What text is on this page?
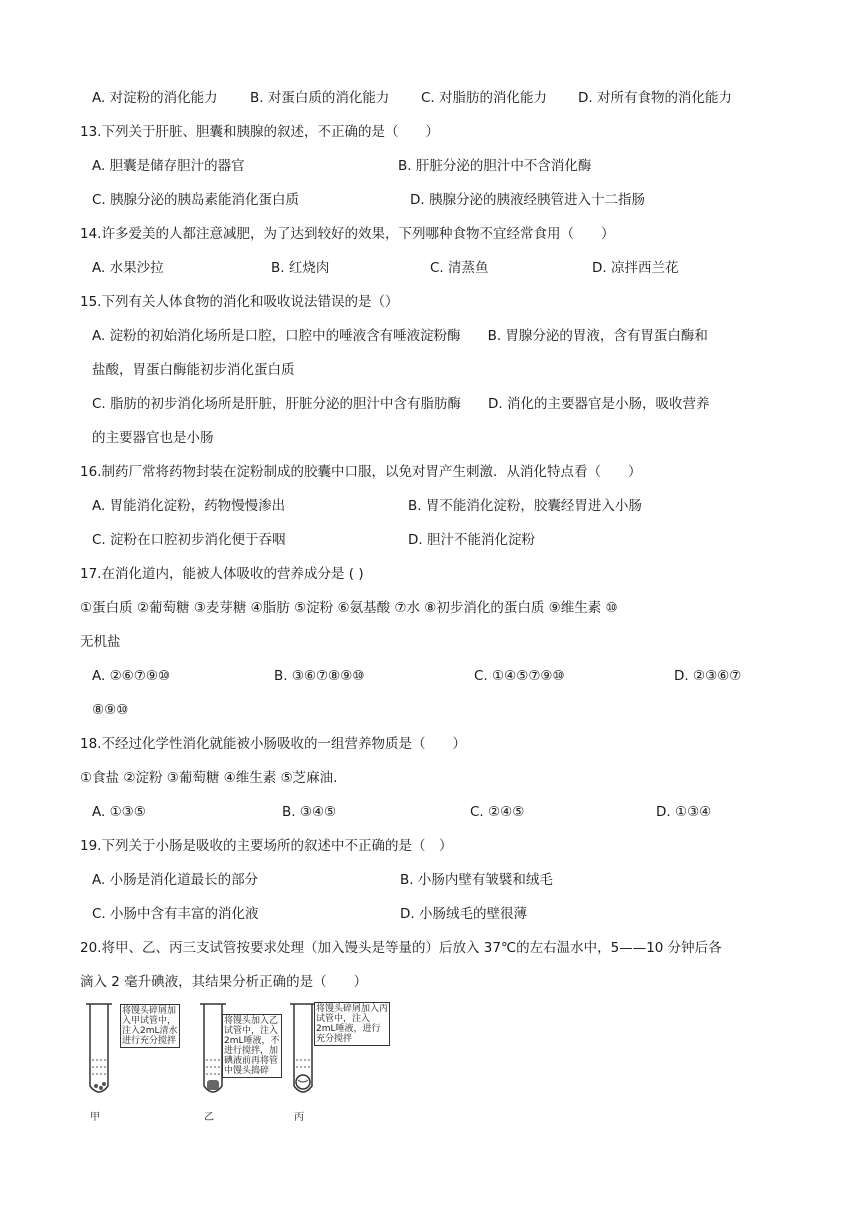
A. 对淀粉的消化能力 B. 对蛋白质的消化能力 C. 对脂肪的消化能力 D. 对所有食物的消化能力
13.下列关于肝脏、胆囊和胰腺的叙述，不正确的是（　　）
A. 胆囊是储存胆汁的器官	B. 肝脏分泌的胆汁中不含消化酶
C. 胰腺分泌的胰岛素能消化蛋白质	D. 胰腺分泌的胰液经胰管进入十二指肠
14.许多爱美的人都注意减肥，为了达到较好的效果，下列哪种食物不宜经常食用（　　）
A. 水果沙拉	B. 红烧肉	C. 清蒸鱼	D. 凉拌西兰花
15.下列有关人体食物的消化和吸收说法错误的是（）
A. 淀粉的初始消化场所是口腔，口腔中的唾液含有唾液淀粉酶　　B. 胃腺分泌的胃液，含有胃蛋白酶和
盐酸，胃蛋白酶能初步消化蛋白质
C. 脂肪的初步消化场所是肝脏，肝脏分泌的胆汁中含有脂肪酶　　D. 消化的主要器官是小肠，吸收营养
的主要器官也是小肠
16.制药厂常将药物封装在淀粉制成的胶囊中口服，以免对胃产生刺激．从消化特点看（　　）
A. 胃能消化淀粉，药物慢慢渗出	B. 胃不能消化淀粉，胶囊经胃进入小肠
C. 淀粉在口腔初步消化便于吞咽	D. 胆汁不能消化淀粉
17.在消化道内，能被人体吸收的营养成分是 ( )
①蛋白质 ②葡萄糖 ③麦芽糖 ④脂肪 ⑤淀粉 ⑥氨基酸 ⑦水 ⑧初步消化的蛋白质 ⑨维生素 ⑩
无机盐
A. ②⑥⑦⑨⑩	B. ③⑥⑦⑧⑨⑩	C. ①④⑤⑦⑨⑩	D. ②③⑥⑦
⑧⑨⑩
18.不经过化学性消化就能被小肠吸收的一组营养物质是（　　）
①食盐 ②淀粉 ③葡萄糖 ④维生素 ⑤芝麻油.
A. ①③⑤	B. ③④⑤	C. ②④⑤	D. ①③④
19.下列关于小肠是吸收的主要场所的叙述中不正确的是（　）
A. 小肠是消化道最长的部分	B. 小肠内壁有皱襞和绒毛
C. 小肠中含有丰富的消化液	D. 小肠绒毛的壁很薄
20.将甲、乙、丙三支试管按要求处理（加入馒头是等量的）后放入 37℃的左右温水中，5——10 分钟后各
滴入 2 毫升碘液，其结果分析正确的是（　　）
将馒头碎屑加入甲试管中，注入2mL清水进行充分搅拌
甲
将馒头加入乙试管中，注入2mL唾液，不进行搅拌，加碘液前再将管中馒头捣碎
乙
将馒头碎屑加入丙试管中，注入2mL唾液，进行充分搅拌
丙
